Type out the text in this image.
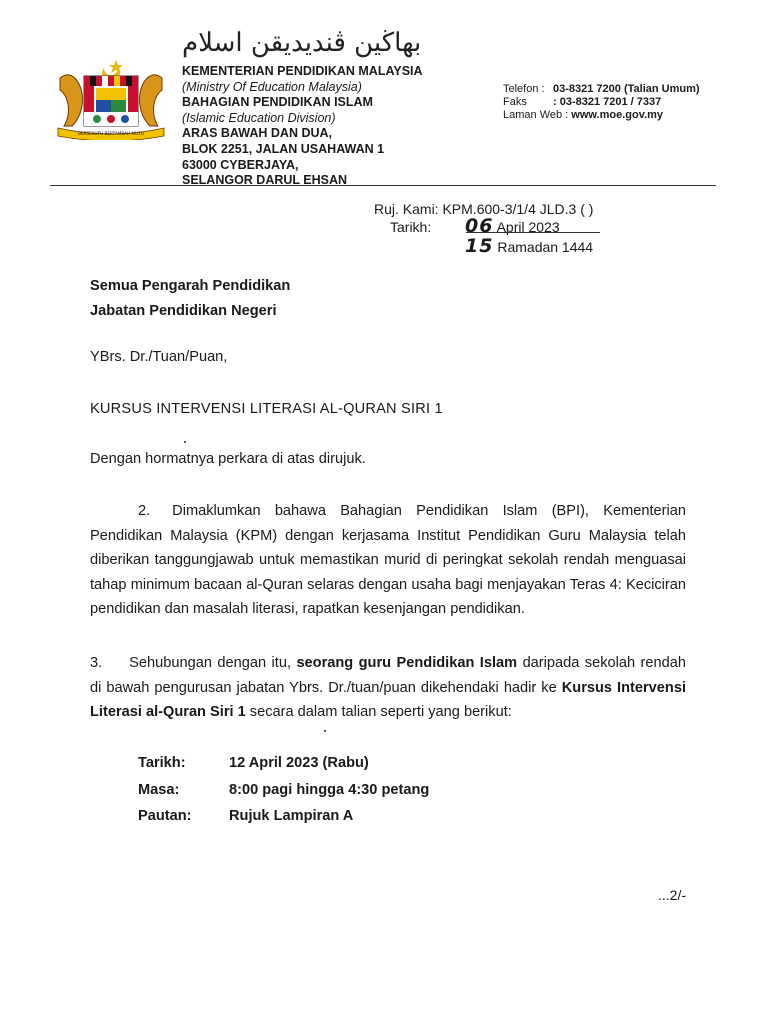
BERSEKUTU BERTAMBAH MUTU
بهاڬين ڤنديديقن اسلام
KEMENTERIAN PENDIDIKAN MALAYSIA
(Ministry Of Education Malaysia)
BAHAGIAN PENDIDIKAN ISLAM
(Islamic Education Division)
ARAS BAWAH DAN DUA,
BLOK 2251, JALAN USAHAWAN 1
63000 CYBERJAYA,
SELANGOR DARUL EHSAN
Telefon : 03-8321 7200 (Talian Umum)
Faks : 03-8321 7201 / 7337
Laman Web : www.moe.gov.my
Ruj. Kami: KPM.600-3/1/4 JLD.3 ( )
Tarikh: 06 April 2023
15 Ramadan 1444
Semua Pengarah Pendidikan
Jabatan Pendidikan Negeri
YBrs. Dr./Tuan/Puan,
KURSUS INTERVENSI LITERASI AL-QURAN SIRI 1
Dengan hormatnya perkara di atas dirujuk.
2. Dimaklumkan bahawa Bahagian Pendidikan Islam (BPI), Kementerian Pendidikan Malaysia (KPM) dengan kerjasama Institut Pendidikan Guru Malaysia telah diberikan tanggungjawab untuk memastikan murid di peringkat sekolah rendah menguasai tahap minimum bacaan al-Quran selaras dengan usaha bagi menjayakan Teras 4: Keciciran pendidikan dan masalah literasi, rapatkan kesenjangan pendidikan.
3. Sehubungan dengan itu, seorang guru Pendidikan Islam daripada sekolah rendah di bawah pengurusan jabatan Ybrs. Dr./tuan/puan dikehendaki hadir ke Kursus Intervensi Literasi al-Quran Siri 1 secara dalam talian seperti yang berikut:
Tarikh:	12 April 2023 (Rabu)
Masa:	8:00 pagi hingga 4:30 petang
Pautan:	Rujuk Lampiran A
...2/-
